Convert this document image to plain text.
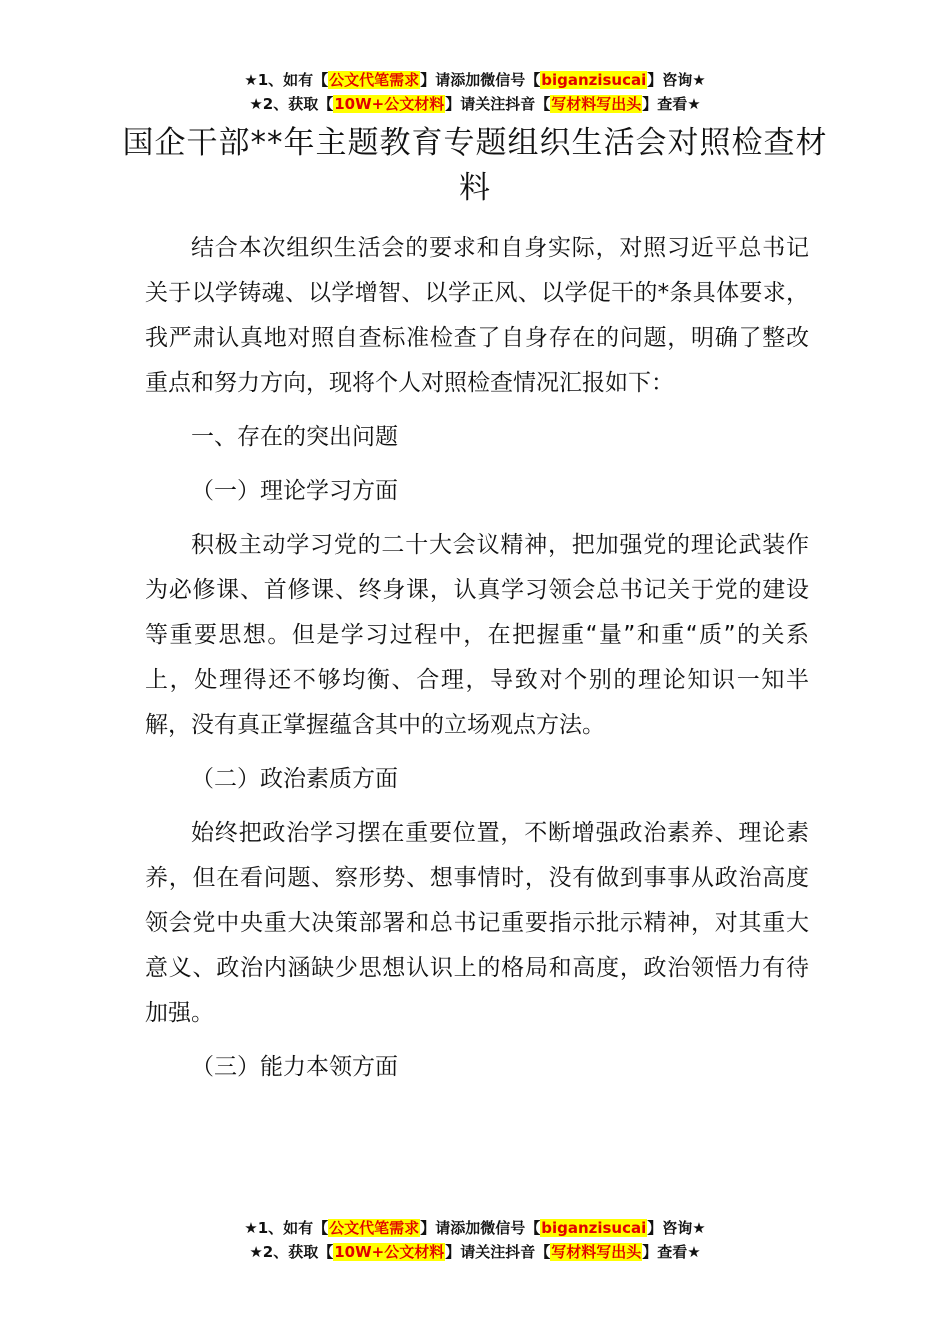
★1、如有【公文代笔需求】请添加微信号【biganzisucai】咨询★
★2、获取【10W+公文材料】请关注抖音【写材料写出头】查看★
国企干部**年主题教育专题组织生活会对照检查材料

结合本次组织生活会的要求和自身实际，对照习近平总书记关于以学铸魂、以学增智、以学正风、以学促干的*条具体要求，我严肃认真地对照自查标准检查了自身存在的问题，明确了整改重点和努力方向，现将个人对照检查情况汇报如下：

一、存在的突出问题

（一）理论学习方面

积极主动学习党的二十大会议精神，把加强党的理论武装作为必修课、首修课、终身课，认真学习领会总书记关于党的建设等重要思想。但是学习过程中，在把握重“量”和重“质”的关系上，处理得还不够均衡、合理，导致对个别的理论知识一知半解，没有真正掌握蕴含其中的立场观点方法。

（二）政治素质方面

始终把政治学习摆在重要位置，不断增强政治素养、理论素养，但在看问题、察形势、想事情时，没有做到事事从政治高度领会党中央重大决策部署和总书记重要指示批示精神，对其重大意义、政治内涵缺少思想认识上的格局和高度，政治领悟力有待加强。

（三）能力本领方面

★1、如有【公文代笔需求】请添加微信号【biganzisucai】咨询★
★2、获取【10W+公文材料】请关注抖音【写材料写出头】查看★
